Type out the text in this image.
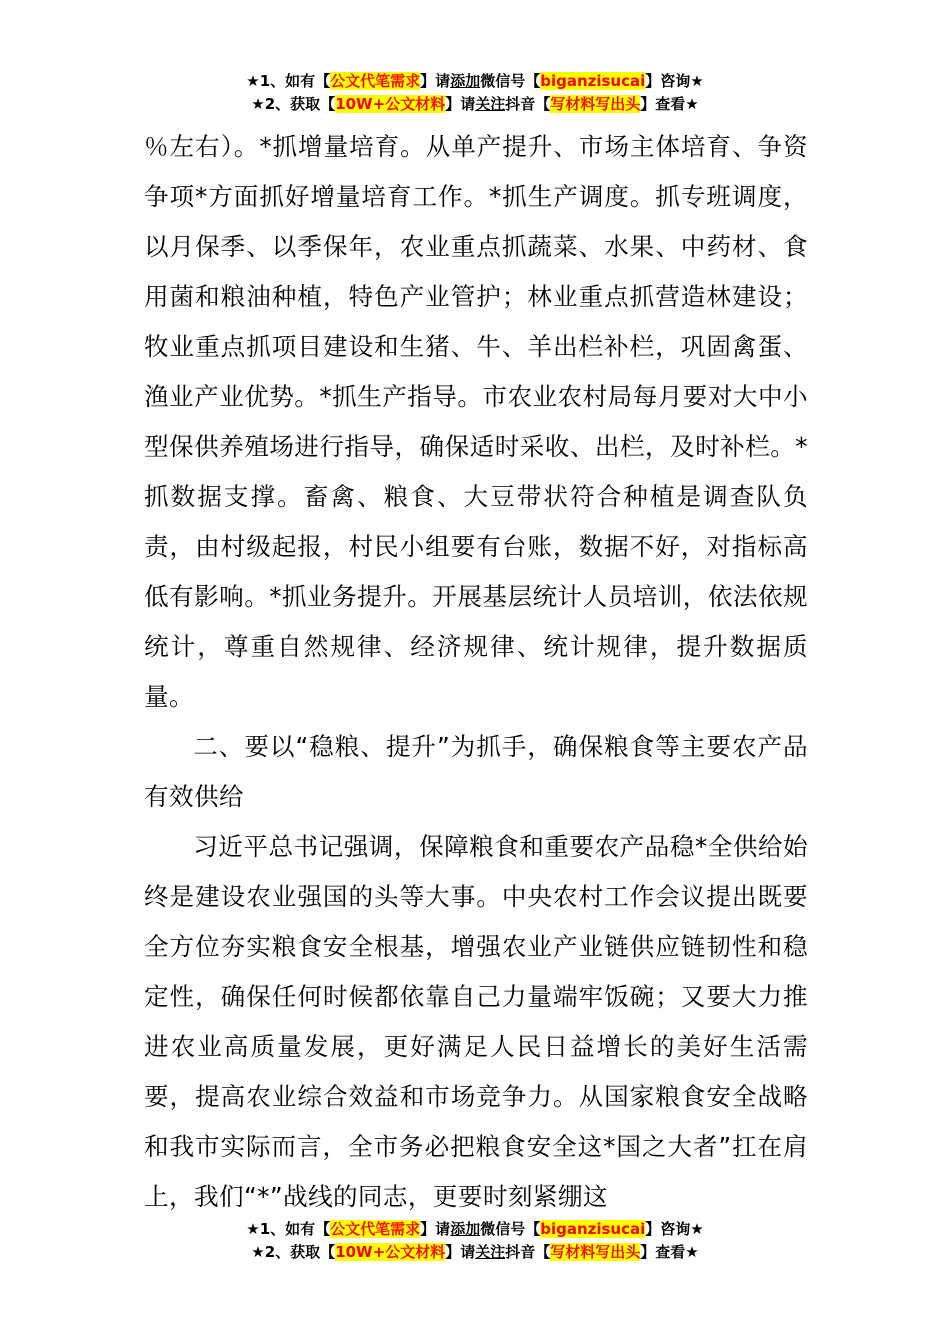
★1、如有【公文代笔需求】请添加微信号【biganzisucai】咨询★
★2、获取【10W+公文材料】请关注抖音【写材料写出头】查看★

％左右）。*抓增量培育。从单产提升、市场主体培育、争资争项*方面抓好增量培育工作。*抓生产调度。抓专班调度，以月保季、以季保年，农业重点抓蔬菜、水果、中药材、食用菌和粮油种植，特色产业管护；林业重点抓营造林建设；牧业重点抓项目建设和生猪、牛、羊出栏补栏，巩固禽蛋、渔业产业优势。*抓生产指导。市农业农村局每月要对大中小型保供养殖场进行指导，确保适时采收、出栏，及时补栏。*抓数据支撑。畜禽、粮食、大豆带状符合种植是调查队负责，由村级起报，村民小组要有台账，数据不好，对指标高低有影响。*抓业务提升。开展基层统计人员培训，依法依规统计，尊重自然规律、经济规律、统计规律，提升数据质量。

二、要以“稳粮、提升”为抓手，确保粮食等主要农产品有效供给

习近平总书记强调，保障粮食和重要农产品稳*全供给始终是建设农业强国的头等大事。中央农村工作会议提出既要全方位夯实粮食安全根基，增强农业产业链供应链韧性和稳定性，确保任何时候都依靠自己力量端牢饭碗；又要大力推进农业高质量发展，更好满足人民日益增长的美好生活需要，提高农业综合效益和市场竞争力。从国家粮食安全战略和我市实际而言，全市务必把粮食安全这*国之大者”扛在肩上，我们“*”战线的同志，更要时刻紧绷这

★1、如有【公文代笔需求】请添加微信号【biganzisucai】咨询★
★2、获取【10W+公文材料】请关注抖音【写材料写出头】查看★
